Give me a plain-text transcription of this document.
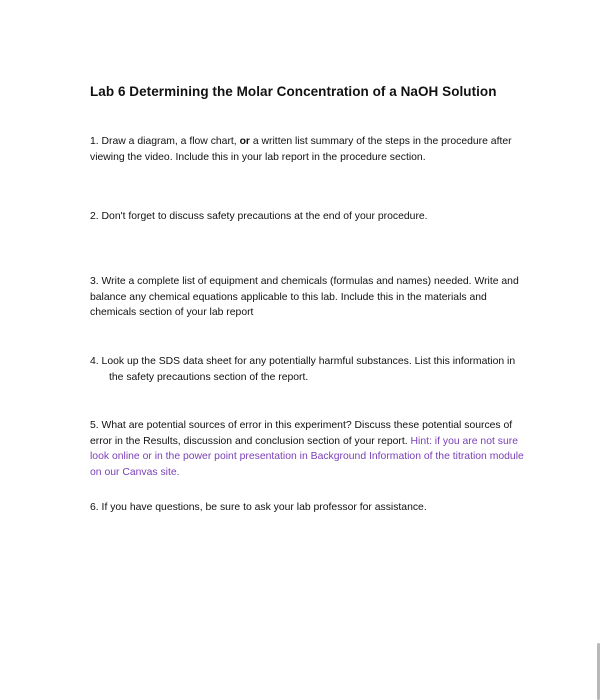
Lab 6 Determining the Molar Concentration of a NaOH Solution
1. Draw a diagram, a flow chart, or a written list summary of the steps in the procedure after viewing the video. Include this in your lab report in the procedure section.
2. Don't forget to discuss safety precautions at the end of your procedure.
3. Write a complete list of equipment and chemicals (formulas and names) needed. Write and balance any chemical equations applicable to this lab. Include this in the materials and chemicals section of your lab report
4. Look up the SDS data sheet for any potentially harmful substances. List this information in the safety precautions section of the report.
5. What are potential sources of error in this experiment? Discuss these potential sources of error in the Results, discussion and conclusion section of your report. Hint: if you are not sure look online or in the power point presentation in Background Information of the titration module on our Canvas site.
6. If you have questions, be sure to ask your lab professor for assistance.
